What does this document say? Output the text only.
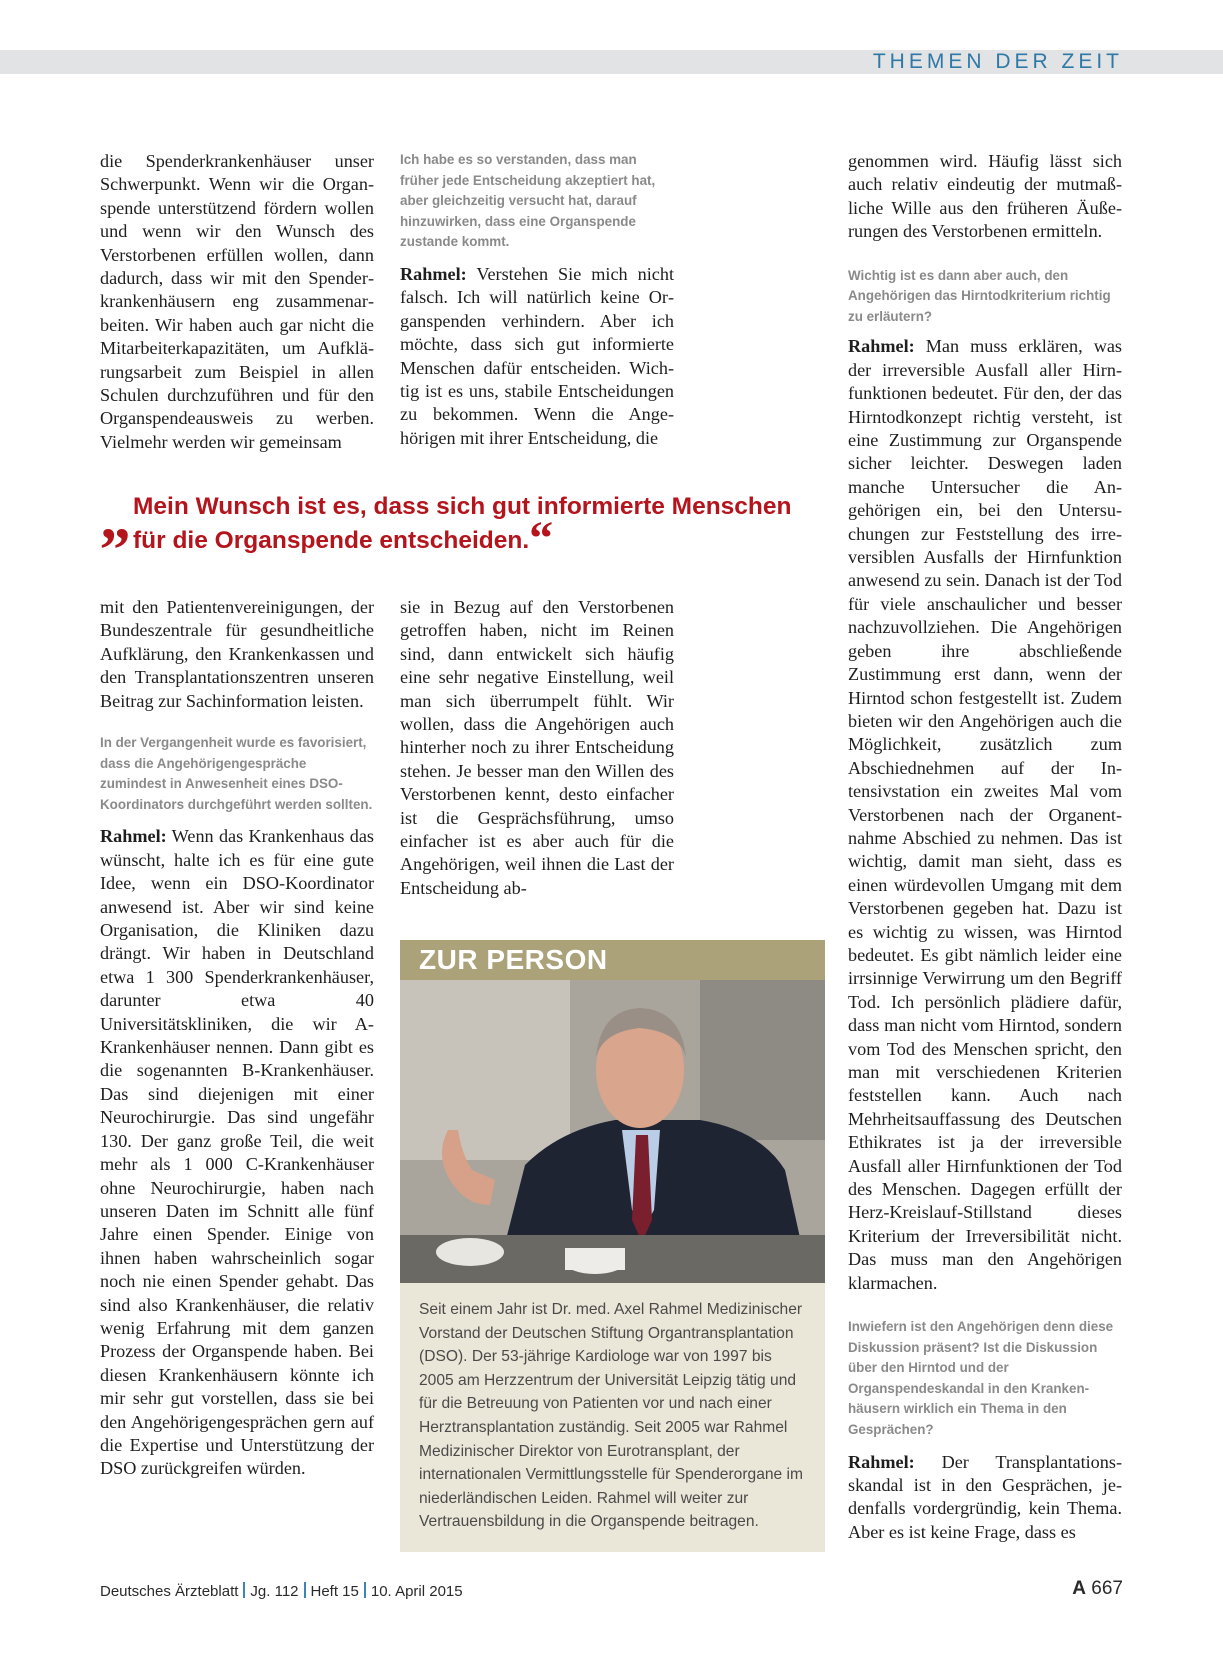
THEMEN DER ZEIT

die Spenderkrankenhäuser unser Schwerpunkt. Wenn wir die Organspende unterstützend fördern wollen und wenn wir den Wunsch des Verstorbenen erfüllen wollen, dann dadurch, dass wir mit den Spenderkrankenhäusern eng zusammenarbeiten. Wir haben auch gar nicht die Mitarbeiterkapazitäten, um Aufklärungsarbeit zum Beispiel in allen Schulen durchzuführen und für den Organspendeausweis zu werben. Vielmehr werden wir gemeinsam

Ich habe es so verstanden, dass man früher jede Entscheidung akzeptiert hat, aber gleichzeitig versucht hat, darauf hinzuwirken, dass eine Organspende zustande kommt.

Rahmel: Verstehen Sie mich nicht falsch. Ich will natürlich keine Organspenden verhindern. Aber ich möchte, dass sich gut informierte Menschen dafür entscheiden. Wichtig ist es uns, stabile Entscheidungen zu bekommen. Wenn die Angehörigen mit ihrer Entscheidung, die

„ Mein Wunsch ist es, dass sich gut informierte Menschen für die Organspende entscheiden.“

mit den Patientenvereinigungen, der Bundeszentrale für gesundheitliche Aufklärung, den Krankenkassen und den Transplantationszentren unseren Beitrag zur Sachinformation leisten.

In der Vergangenheit wurde es favorisiert, dass die Angehörigengespräche zumindest in Anwesenheit eines DSO-Koordinators durchgeführt werden sollten.

Rahmel: Wenn das Krankenhaus das wünscht, halte ich es für eine gute Idee, wenn ein DSO-Koordinator anwesend ist. Aber wir sind keine Organisation, die Kliniken dazu drängt. Wir haben in Deutschland etwa 1 300 Spenderkrankenhäuser, darunter etwa 40 Universitätskliniken, die wir A-Krankenhäuser nennen. Dann gibt es die sogenannten B-Krankenhäuser. Das sind diejenigen mit einer Neurochirurgie. Das sind ungefähr 130. Der ganz große Teil, die weit mehr als 1 000 C-Krankenhäuser ohne Neurochirurgie, haben nach unseren Daten im Schnitt alle fünf Jahre einen Spender. Einige von ihnen haben wahrscheinlich sogar noch nie einen Spender gehabt. Das sind also Krankenhäuser, die relativ wenig Erfahrung mit dem ganzen Prozess der Organspende haben. Bei diesen Krankenhäusern könnte ich mir sehr gut vorstellen, dass sie bei den Angehörigengesprächen gern auf die Expertise und Unterstützung der DSO zurückgreifen würden.

sie in Bezug auf den Verstorbenen getroffen haben, nicht im Reinen sind, dann entwickelt sich häufig eine sehr negative Einstellung, weil man sich überrumpelt fühlt. Wir wollen, dass die Angehörigen auch hinterher noch zu ihrer Entscheidung stehen. Je besser man den Willen des Verstorbenen kennt, desto einfacher ist die Gesprächsführung, umso einfacher ist es aber auch für die Angehörigen, weil ihnen die Last der Entscheidung ab-

ZUR PERSON
Seit einem Jahr ist Dr. med. Axel Rahmel Medizinischer Vorstand der Deutschen Stiftung Organtransplantation (DSO). Der 53-jährige Kardiologe war von 1997 bis 2005 am Herzzentrum der Universität Leipzig tätig und für die Betreuung von Patienten vor und nach einer Herztransplantation zuständig. Seit 2005 war Rahmel Medizinischer Direktor von Eurotransplant, der internationalen Vermittlungsstelle für Spenderorgane im niederländischen Leiden. Rahmel will weiter zur Vertrauensbildung in die Organspende beitragen.

genommen wird. Häufig lässt sich auch relativ eindeutig der mutmaßliche Wille aus den früheren Äußerungen des Verstorbenen ermitteln.

Wichtig ist es dann aber auch, den Angehörigen das Hirntodkriterium richtig zu erläutern?

Rahmel: Man muss erklären, was der irreversible Ausfall aller Hirnfunktionen bedeutet. Für den, der das Hirntodkonzept richtig versteht, ist eine Zustimmung zur Organspende sicher leichter. Deswegen laden manche Untersucher die Angehörigen ein, bei den Untersuchungen zur Feststellung des irreversiblen Ausfalls der Hirnfunktion anwesend zu sein. Danach ist der Tod für viele anschaulicher und besser nachzuvollziehen. Die Angehörigen geben ihre abschließende Zustimmung erst dann, wenn der Hirntod schon festgestellt ist. Zudem bieten wir den Angehörigen auch die Möglichkeit, zusätzlich zum Abschiednehmen auf der Intensivstation ein zweites Mal vom Verstorbenen nach der Organentnahme Abschied zu nehmen. Das ist wichtig, damit man sieht, dass es einen würdevollen Umgang mit dem Verstorbenen gegeben hat. Dazu ist es wichtig zu wissen, was Hirntod bedeutet. Es gibt nämlich leider eine irrsinnige Verwirrung um den Begriff Tod. Ich persönlich plädiere dafür, dass man nicht vom Hirntod, sondern vom Tod des Menschen spricht, den man mit verschiedenen Kriterien feststellen kann. Auch nach Mehrheitsauffassung des Deutschen Ethikrates ist ja der irreversible Ausfall aller Hirnfunktionen der Tod des Menschen. Dagegen erfüllt der Herz-Kreislauf-Stillstand dieses Kriterium der Irreversibilität nicht. Das muss man den Angehörigen klarmachen.

Inwiefern ist den Angehörigen denn diese Diskussion präsent? Ist die Diskussion über den Hirntod und der Organspendeskandal in den Krankenhäusern wirklich ein Thema in den Gesprächen?

Rahmel: Der Transplantationsskandal ist in den Gesprächen, jedenfalls vordergründig, kein Thema. Aber es ist keine Frage, dass es

Deutsches Ärzteblatt Jg. 112 Heft 15 10. April 2015	A 667
